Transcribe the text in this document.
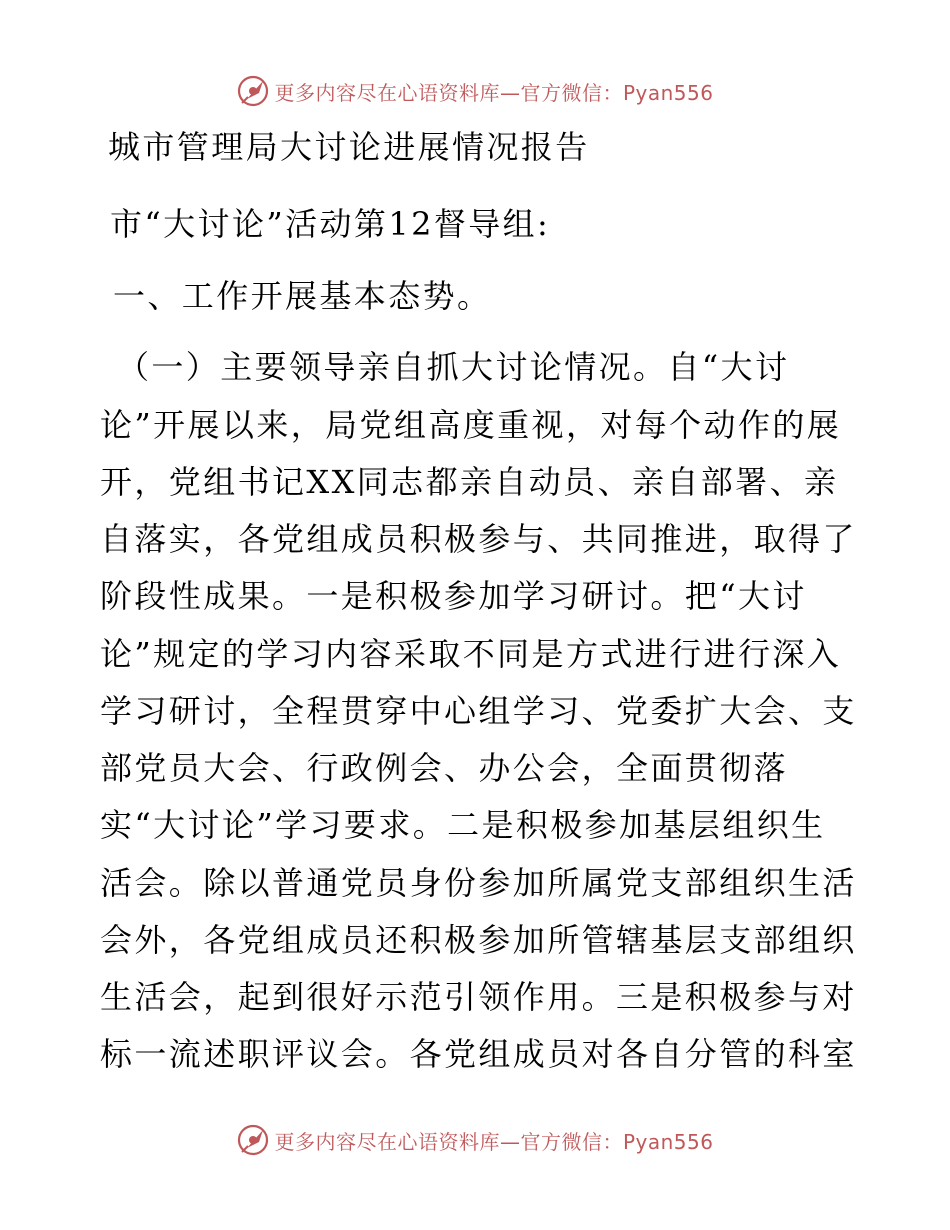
更多内容尽在心语资料库—官方微信：Pyan556
城市管理局大讨论进展情况报告
市“大讨论”活动第12督导组:
一、工作开展基本态势。
（一）主要领导亲自抓大讨论情况。自“大讨
论”开展以来，局党组高度重视，对每个动作的展
开，党组书记XX同志都亲自动员、亲自部署、亲
自落实，各党组成员积极参与、共同推进，取得了
阶段性成果。一是积极参加学习研讨。把“大讨
论”规定的学习内容采取不同是方式进行进行深入
学习研讨，全程贯穿中心组学习、党委扩大会、支
部党员大会、行政例会、办公会，全面贯彻落
实“大讨论”学习要求。二是积极参加基层组织生
活会。除以普通党员身份参加所属党支部组织生活
会外，各党组成员还积极参加所管辖基层支部组织
生活会，起到很好示范引领作用。三是积极参与对
标一流述职评议会。各党组成员对各自分管的科室
更多内容尽在心语资料库—官方微信：Pyan556
